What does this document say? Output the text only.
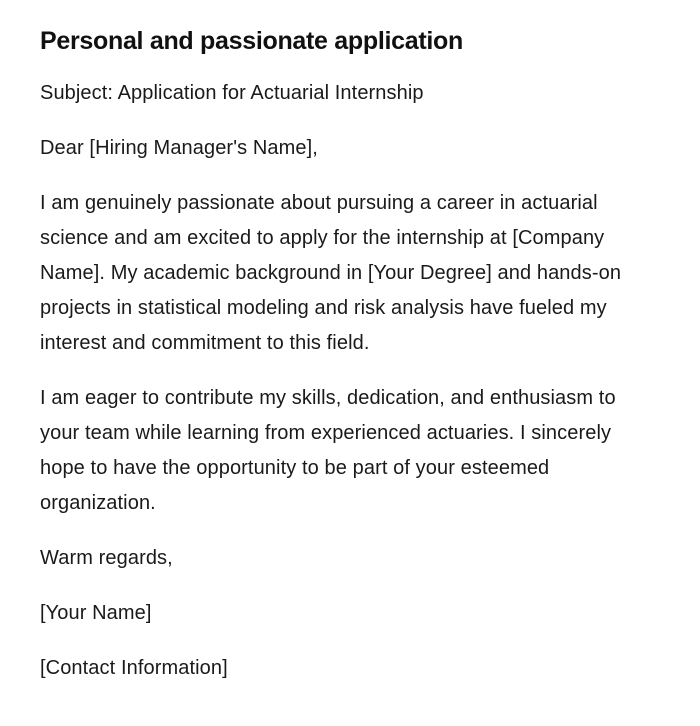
Personal and passionate application

Subject: Application for Actuarial Internship

Dear [Hiring Manager's Name],

I am genuinely passionate about pursuing a career in actuarial science and am excited to apply for the internship at [Company Name]. My academic background in [Your Degree] and hands-on projects in statistical modeling and risk analysis have fueled my interest and commitment to this field.

I am eager to contribute my skills, dedication, and enthusiasm to your team while learning from experienced actuaries. I sincerely hope to have the opportunity to be part of your esteemed organization.

Warm regards,

[Your Name]

[Contact Information]
